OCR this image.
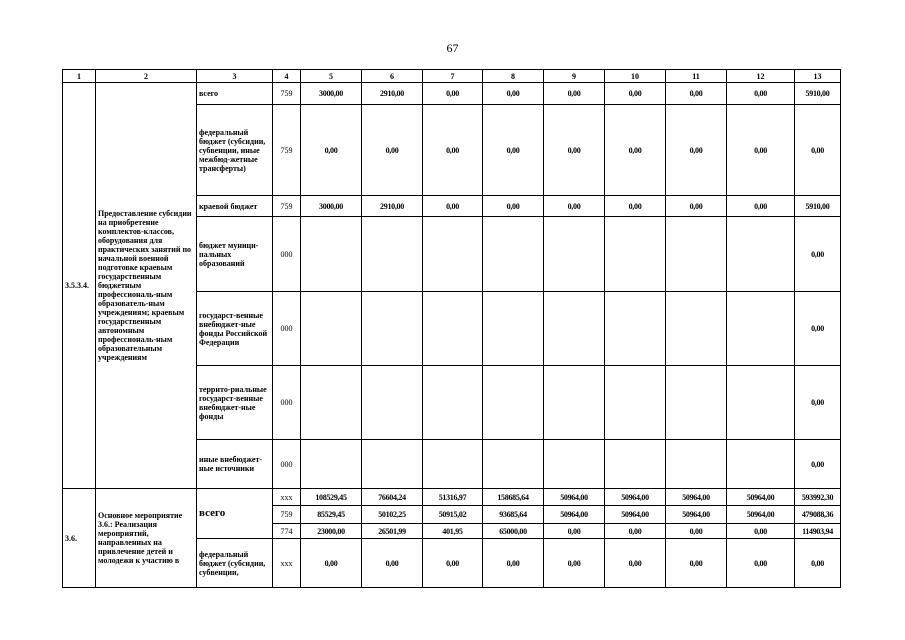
67
1	2	3	4	5	6	7	8	9	10	11	12	13
3.5.3.4.	Предоставление субсидии на приобретение комплектов-классов, оборудования для практических занятий по начальной военной подготовке краевым государственным бюджетным профессиональ-ным образователь-ным учреждениям; краевым государственным автономным профессиональ-ным образовательным учреждениям	всего	759	3000,00	2910,00	0,00	0,00	0,00	0,00	0,00	0,00	5910,00
		федеральный бюджет (субсидии, субвенции, иные межбюд-жетные трансферты)	759	0,00	0,00	0,00	0,00	0,00	0,00	0,00	0,00	0,00
		краевой бюджет	759	3000,00	2910,00	0,00	0,00	0,00	0,00	0,00	0,00	5910,00
		бюджет муници-пальных образований	000									0,00
		государст-венные внебюджет-ные фонды Российской Федерации	000									0,00
		террито-риальные государст-венные внебюджет-ные фонды	000									0,00
		иные внебюджет-ные источники	000									0,00
3.6.	Основное мероприятие 3.6.: Реализация мероприятий, направленных на привлечение детей и молодежи к участию в	всего	ххх	108529,45	76604,24	51316,97	158685,64	50964,00	50964,00	50964,00	50964,00	593992,30
			759	85529,45	50102,25	50915,02	93685,64	50964,00	50964,00	50964,00	50964,00	479088,36
			774	23000,00	26501,99	401,95	65000,00	0,00	0,00	0,00	0,00	114903,94
		федеральный бюджет (субсидии, субвенции,	ххх	0,00	0,00	0,00	0,00	0,00	0,00	0,00	0,00	0,00
